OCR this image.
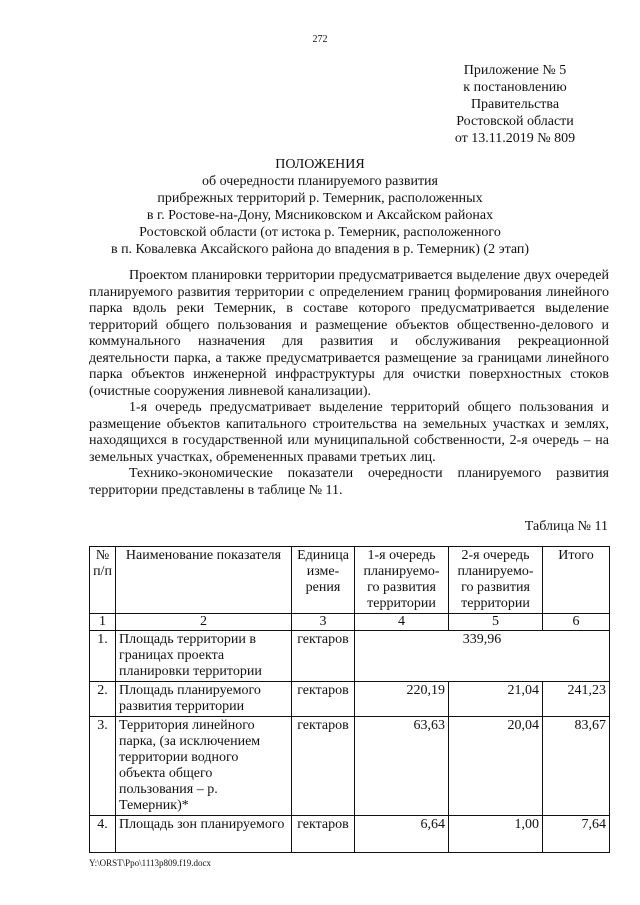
272
Приложение № 5
к постановлению
Правительства
Ростовской области
от 13.11.2019 № 809
ПОЛОЖЕНИЯ
об очередности планируемого развития
прибрежных территорий р. Темерник, расположенных
в г. Ростове-на-Дону, Мясниковском и Аксайском районах
Ростовской области (от истока р. Темерник, расположенного
в п. Ковалевка Аксайского района до впадения в р. Темерник) (2 этап)

Проектом планировки территории предусматривается выделение двух очередей планируемого развития территории с определением границ формирования линейного парка вдоль реки Темерник, в составе которого предусматривается выделение территорий общего пользования и размещение объектов общественно-делового и коммунального назначения для развития и обслуживания рекреационной деятельности парка, а также предусматривается размещение за границами линейного парка объектов инженерной инфраструктуры для очистки поверхностных стоков (очистные сооружения ливневой канализации).

1-я очередь предусматривает выделение территорий общего пользования и размещение объектов капитального строительства на земельных участках и землях, находящихся в государственной или муниципальной собственности, 2-я очередь – на земельных участках, обремененных правами третьих лиц.

Технико-экономические показатели очередности планируемого развития территории представлены в таблице № 11.

Таблица № 11
№ п/п	Наименование показателя	Единица изме-рения	1-я очередь планируемо-го развития территории	2-я очередь планируемо-го развития территории	Итого
1	2	3	4	5	6
1.	Площадь территории в границах проекта планировки территории	гектаров	339,96		
2.	Площадь планируемого развития территории	гектаров	220,19	21,04	241,23
3.	Территория линейного парка, (за исключением территории водного объекта общего пользования – р. Темерник)*	гектаров	63,63	20,04	83,67
4.	Площадь зон планируемого	гектаров	6,64	1,00	7,64
Y:\ORST\Ppo\1113p809.f19.docx
